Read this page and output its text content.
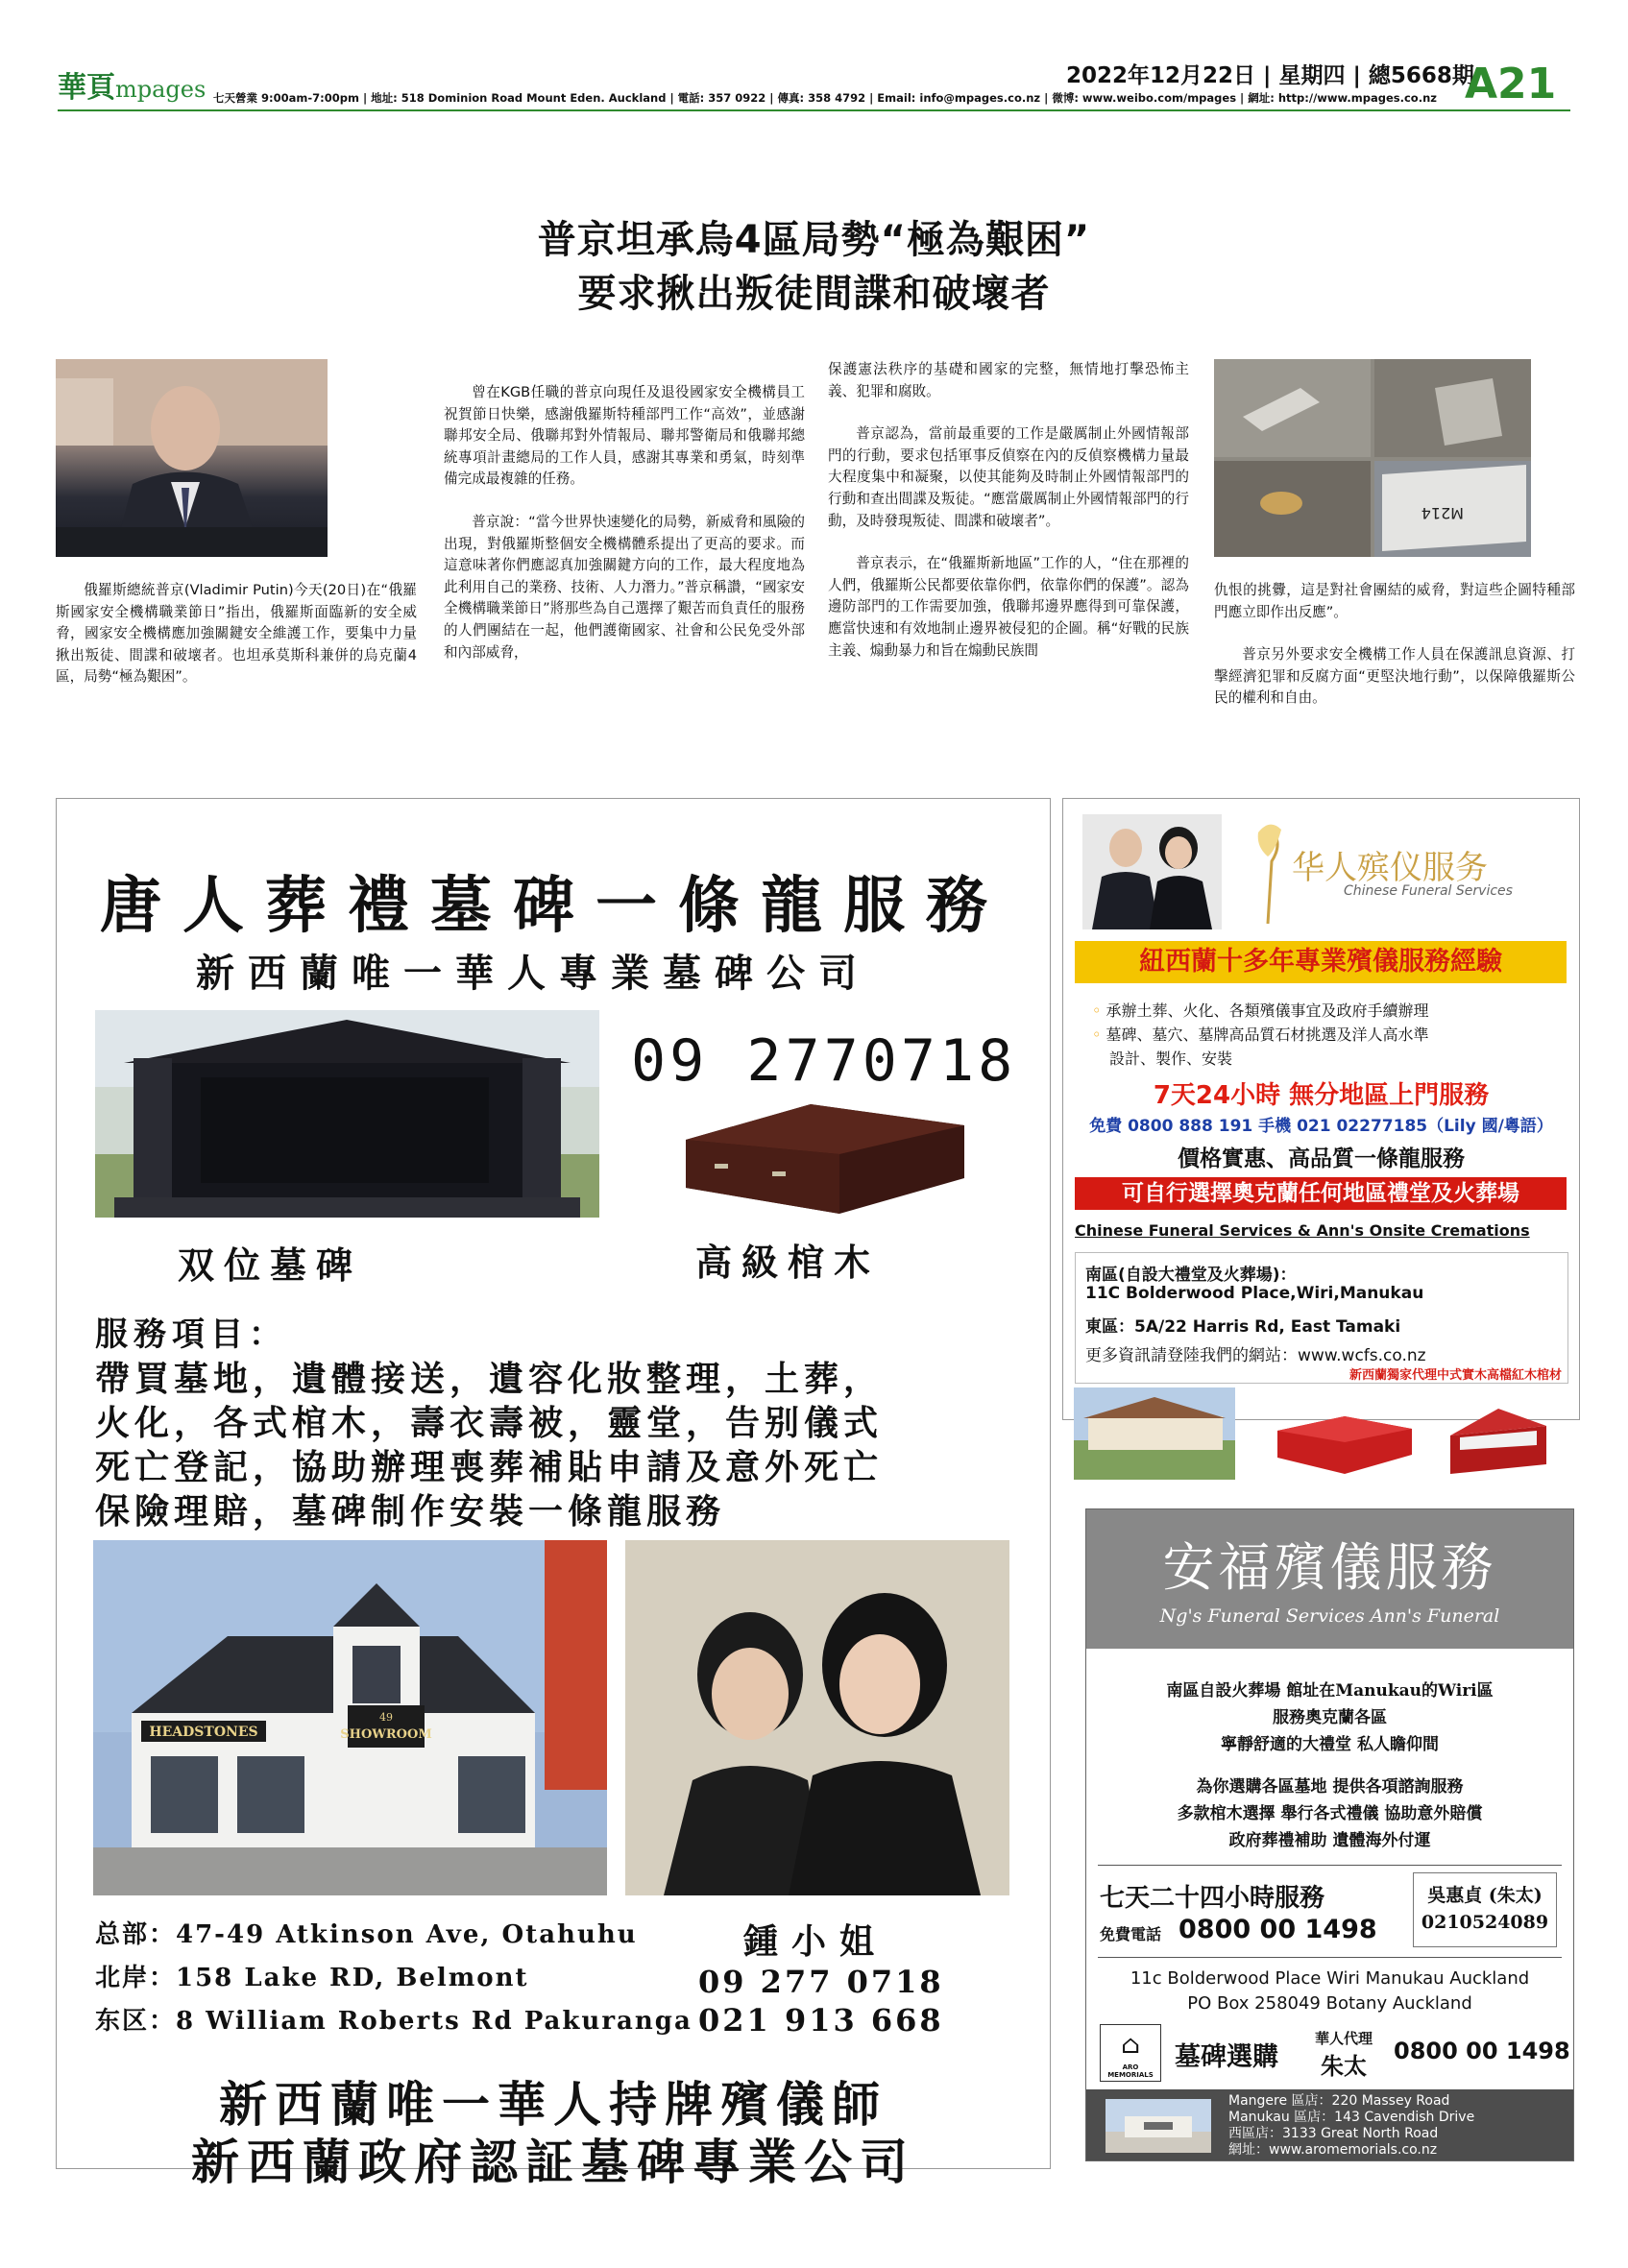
華頁mpages	2022年12月22日 | 星期四 | 總5668期
七天營業 9:00am-7:00pm | 地址: 518 Dominion Road Mount Eden. Auckland | 電話: 357 0922 | 傳真: 358 4792 | Email: info@mpages.co.nz | 微博: www.weibo.com/mpages | 網址: http://www.mpages.co.nz A21
普京坦承烏4區局勢“極為艱困”
要求揪出叛徒間諜和破壞者

俄羅斯總統普京(Vladimir Putin)今天(20日)在“俄羅斯國家安全機構職業節日”指出，俄羅斯面臨新的安全威脅，國家安全機構應加強關鍵安全維護工作，要集中力量揪出叛徒、間諜和破壞者。也坦承莫斯科兼併的烏克蘭4區，局勢“極為艱困”。

曾在KGB任職的普京向現任及退役國家安全機構員工祝賀節日快樂，感謝俄羅斯特種部門工作“高效”，並感謝聯邦安全局、俄聯邦對外情報局、聯邦警衛局和俄聯邦總統專項計畫總局的工作人員，感謝其專業和勇氣，時刻準備完成最複雜的任務。

普京說：“當今世界快速變化的局勢，新威脅和風險的出現，對俄羅斯整個安全機構體系提出了更高的要求。而這意味著你們應認真加強關鍵方向的工作，最大程度地為此利用自己的業務、技術、人力潛力。”普京稱讚，“國家安全機構職業節日”將那些為自己選擇了艱苦而負責任的服務的人們團結在一起，他們護衛國家、社會和公民免受外部和內部威脅，

保護憲法秩序的基礎和國家的完整，無情地打擊恐怖主義、犯罪和腐敗。

普京認為，當前最重要的工作是嚴厲制止外國情報部門的行動，要求包括軍事反偵察在內的反偵察機構力量最大程度集中和凝聚，以使其能夠及時制止外國情報部門的行動和查出間諜及叛徒。“應當嚴厲制止外國情報部門的行動，及時發現叛徒、間諜和破壞者”。

普京表示，在“俄羅斯新地區”工作的人，“住在那裡的人們，俄羅斯公民都要依靠你們，依靠你們的保護”。認為邊防部門的工作需要加強，俄聯邦邊界應得到可靠保護，應當快速和有效地制止邊界被侵犯的企圖。稱“好戰的民族主義、煽動暴力和旨在煽動民族間

M214

仇恨的挑釁，這是對社會團結的威脅，對這些企圖特種部門應立即作出反應”。

普京另外要求安全機構工作人員在保護訊息資源、打擊經濟犯罪和反腐方面“更堅決地行動”，以保障俄羅斯公民的權利和自由。

唐人葬禮墓碑一條龍服務
新西蘭唯一華人專業墓碑公司
09 2770718
双位墓碑	高級棺木
服務項目：
帶買墓地，遺體接送，遺容化妝整理，土葬，
火化，各式棺木，壽衣壽被，靈堂，告别儀式
死亡登記，協助辦理喪葬補貼申請及意外死亡
保險理賠，墓碑制作安裝一條龍服務
HEADSTONES
49
SHOWROOM
总部：47-49 Atkinson Ave, Otahuhu
北岸：158 Lake RD, Belmont
东区：8 William Roberts Rd Pakuranga
鍾小姐
09 277 0718
021 913 668
新西蘭唯一華人持牌殯儀師
新西蘭政府認証墓碑專業公司
华人殡仪服务
Chinese Funeral Services
紐西蘭十多年專業殯儀服務經驗
◦ 承辦土葬、火化、各類殯儀事宜及政府手續辦理
◦ 墓碑、墓穴、墓牌高品質石材挑選及洋人高水準
設計、製作、安裝
7天24小時 無分地區上門服務
免費 0800 888 191 手機 021 02277185（Lily 國/粵語）
價格實惠、高品質一條龍服務
可自行選擇奧克蘭任何地區禮堂及火葬場
Chinese Funeral Services & Ann's Onsite Cremations
南區(自設大禮堂及火葬場)：
11C Bolderwood Place,Wiri,Manukau
東區：5A/22 Harris Rd, East Tamaki
更多資訊請登陸我們的網站：www.wcfs.co.nz
新西蘭獨家代理中式實木高檔紅木棺材
安福殯儀服務
Ng's Funeral Services Ann's Funeral
南區自設火葬場 館址在Manukau的Wiri區
服務奧克蘭各區
寧靜舒適的大禮堂 私人瞻仰間
為你選購各區墓地 提供各項諮詢服務
多款棺木選擇 舉行各式禮儀 協助意外賠償
政府葬禮補助 遺體海外付運
七天二十四小時服務
免費電話 0800 00 1498
吳惠貞 (朱太)
0210524089
11c Bolderwood Place Wiri Manukau Auckland
PO Box 258049 Botany Auckland
⌂
ARO MEMORIALS
墓碑選購
華人代理
朱太
0800 00 1498
Mangere 區店：220 Massey Road
Manukau 區店：143 Cavendish Drive
西區店：3133 Great North Road
網址：www.aromemorials.co.nz
